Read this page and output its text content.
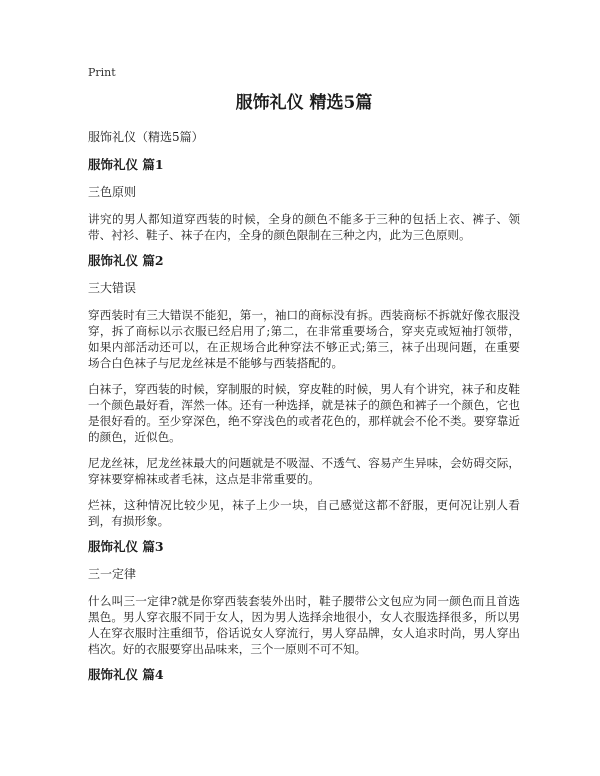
Print
服饰礼仪 精选5篇
服饰礼仪（精选5篇）
服饰礼仪 篇1
三色原则

讲究的男人都知道穿西装的时候，全身的颜色不能多于三种的包括上衣、裤子、领带、衬衫、鞋子、袜子在内，全身的颜色限制在三种之内，此为三色原则。

服饰礼仪 篇2
三大错误

穿西装时有三大错误不能犯，第一，袖口的商标没有拆。西装商标不拆就好像衣服没穿，拆了商标以示衣服已经启用了;第二，在非常重要场合，穿夹克或短袖打领带，如果内部活动还可以，在正规场合此种穿法不够正式;第三，袜子出现问题，在重要场合白色袜子与尼龙丝袜是不能够与西装搭配的。

白袜子，穿西装的时候，穿制服的时候，穿皮鞋的时候，男人有个讲究，袜子和皮鞋一个颜色最好看，浑然一体。还有一种选择，就是袜子的颜色和裤子一个颜色，它也是很好看的。至少穿深色，绝不穿浅色的或者花色的，那样就会不伦不类。要穿靠近的颜色，近似色。

尼龙丝袜，尼龙丝袜最大的问题就是不吸湿、不透气、容易产生异味，会妨碍交际，穿袜要穿棉袜或者毛袜，这点是非常重要的。

烂袜，这种情况比较少见，袜子上少一块，自己感觉这都不舒服，更何况让别人看到，有损形象。

服饰礼仪 篇3
三一定律

什么叫三一定律?就是你穿西装套装外出时，鞋子腰带公文包应为同一颜色而且首选黑色。男人穿衣服不同于女人，因为男人选择余地很小，女人衣服选择很多，所以男人在穿衣服时注重细节，俗话说女人穿流行，男人穿品牌，女人追求时尚，男人穿出档次。好的衣服要穿出品味来，三个一原则不可不知。

服饰礼仪 篇4
